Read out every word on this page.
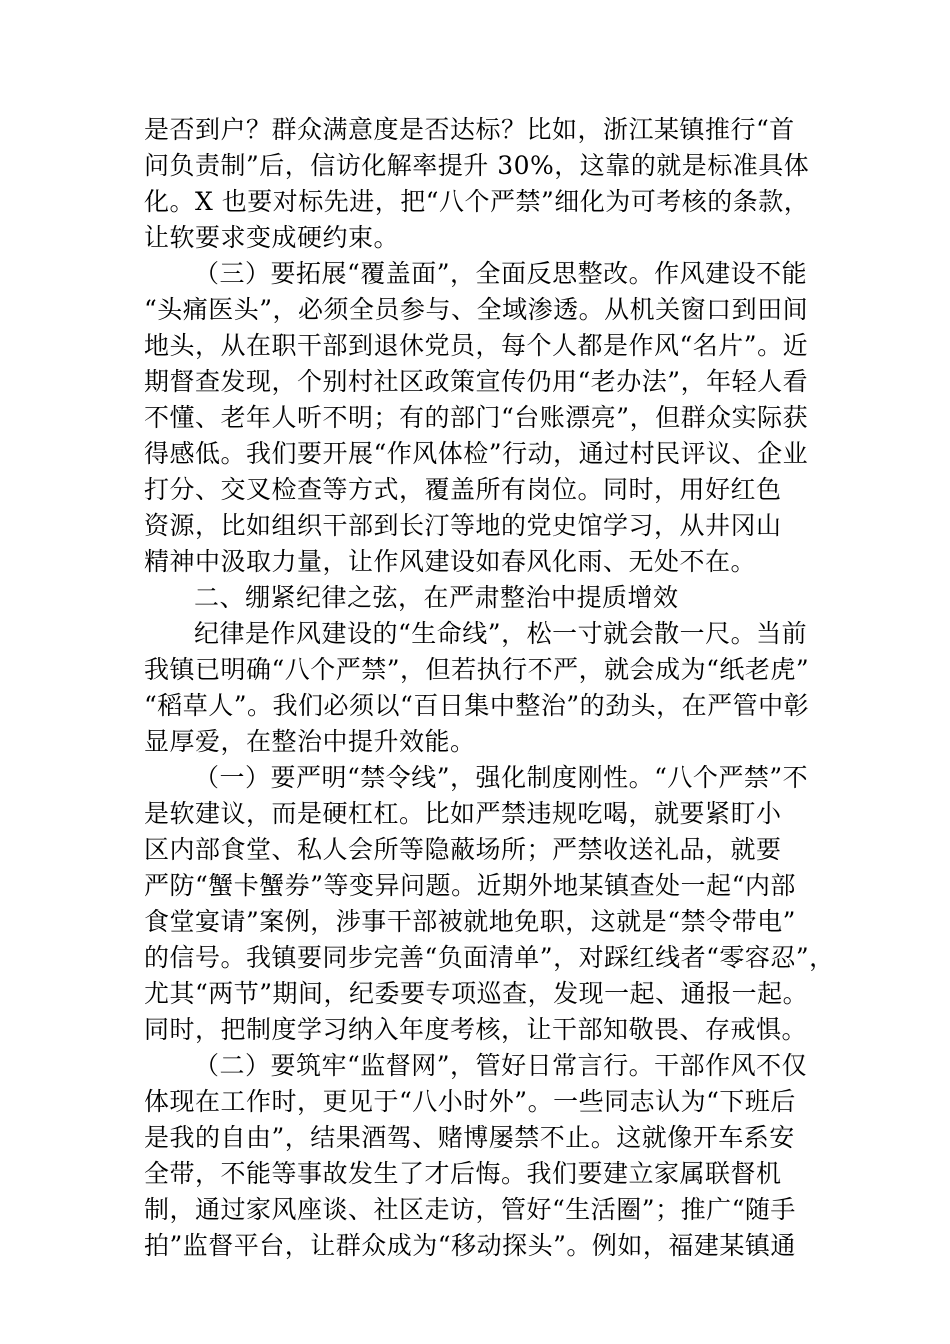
是否到户？群众满意度是否达标？比如，浙江某镇推行“首
问负责制”后，信访化解率提升 30%，这靠的就是标准具体
化。X 也要对标先进，把“八个严禁”细化为可考核的条款，
让软要求变成硬约束。
（三）要拓展“覆盖面”，全面反思整改。作风建设不能
“头痛医头”，必须全员参与、全域渗透。从机关窗口到田间
地头，从在职干部到退休党员，每个人都是作风“名片”。近
期督查发现，个别村社区政策宣传仍用“老办法”，年轻人看
不懂、老年人听不明；有的部门“台账漂亮”，但群众实际获
得感低。我们要开展“作风体检”行动，通过村民评议、企业
打分、交叉检查等方式，覆盖所有岗位。同时，用好红色
资源，比如组织干部到长汀等地的党史馆学习，从井冈山
精神中汲取力量，让作风建设如春风化雨、无处不在。
二、绷紧纪律之弦，在严肃整治中提质增效
纪律是作风建设的“生命线”，松一寸就会散一尺。当前
我镇已明确“八个严禁”，但若执行不严，就会成为“纸老虎”
“稻草人”。我们必须以“百日集中整治”的劲头，在严管中彰
显厚爱，在整治中提升效能。
（一）要严明“禁令线”，强化制度刚性。“八个严禁”不
是软建议，而是硬杠杠。比如严禁违规吃喝，就要紧盯小
区内部食堂、私人会所等隐蔽场所；严禁收送礼品，就要
严防“蟹卡蟹券”等变异问题。近期外地某镇查处一起“内部
食堂宴请”案例，涉事干部被就地免职，这就是“禁令带电”
的信号。我镇要同步完善“负面清单”，对踩红线者“零容忍”，
尤其“两节”期间，纪委要专项巡查，发现一起、通报一起。
同时，把制度学习纳入年度考核，让干部知敬畏、存戒惧。
（二）要筑牢“监督网”，管好日常言行。干部作风不仅
体现在工作时，更见于“八小时外”。一些同志认为“下班后
是我的自由”，结果酒驾、赌博屡禁不止。这就像开车系安
全带，不能等事故发生了才后悔。我们要建立家属联督机
制，通过家风座谈、社区走访，管好“生活圈”；推广“随手
拍”监督平台，让群众成为“移动探头”。例如，福建某镇通
